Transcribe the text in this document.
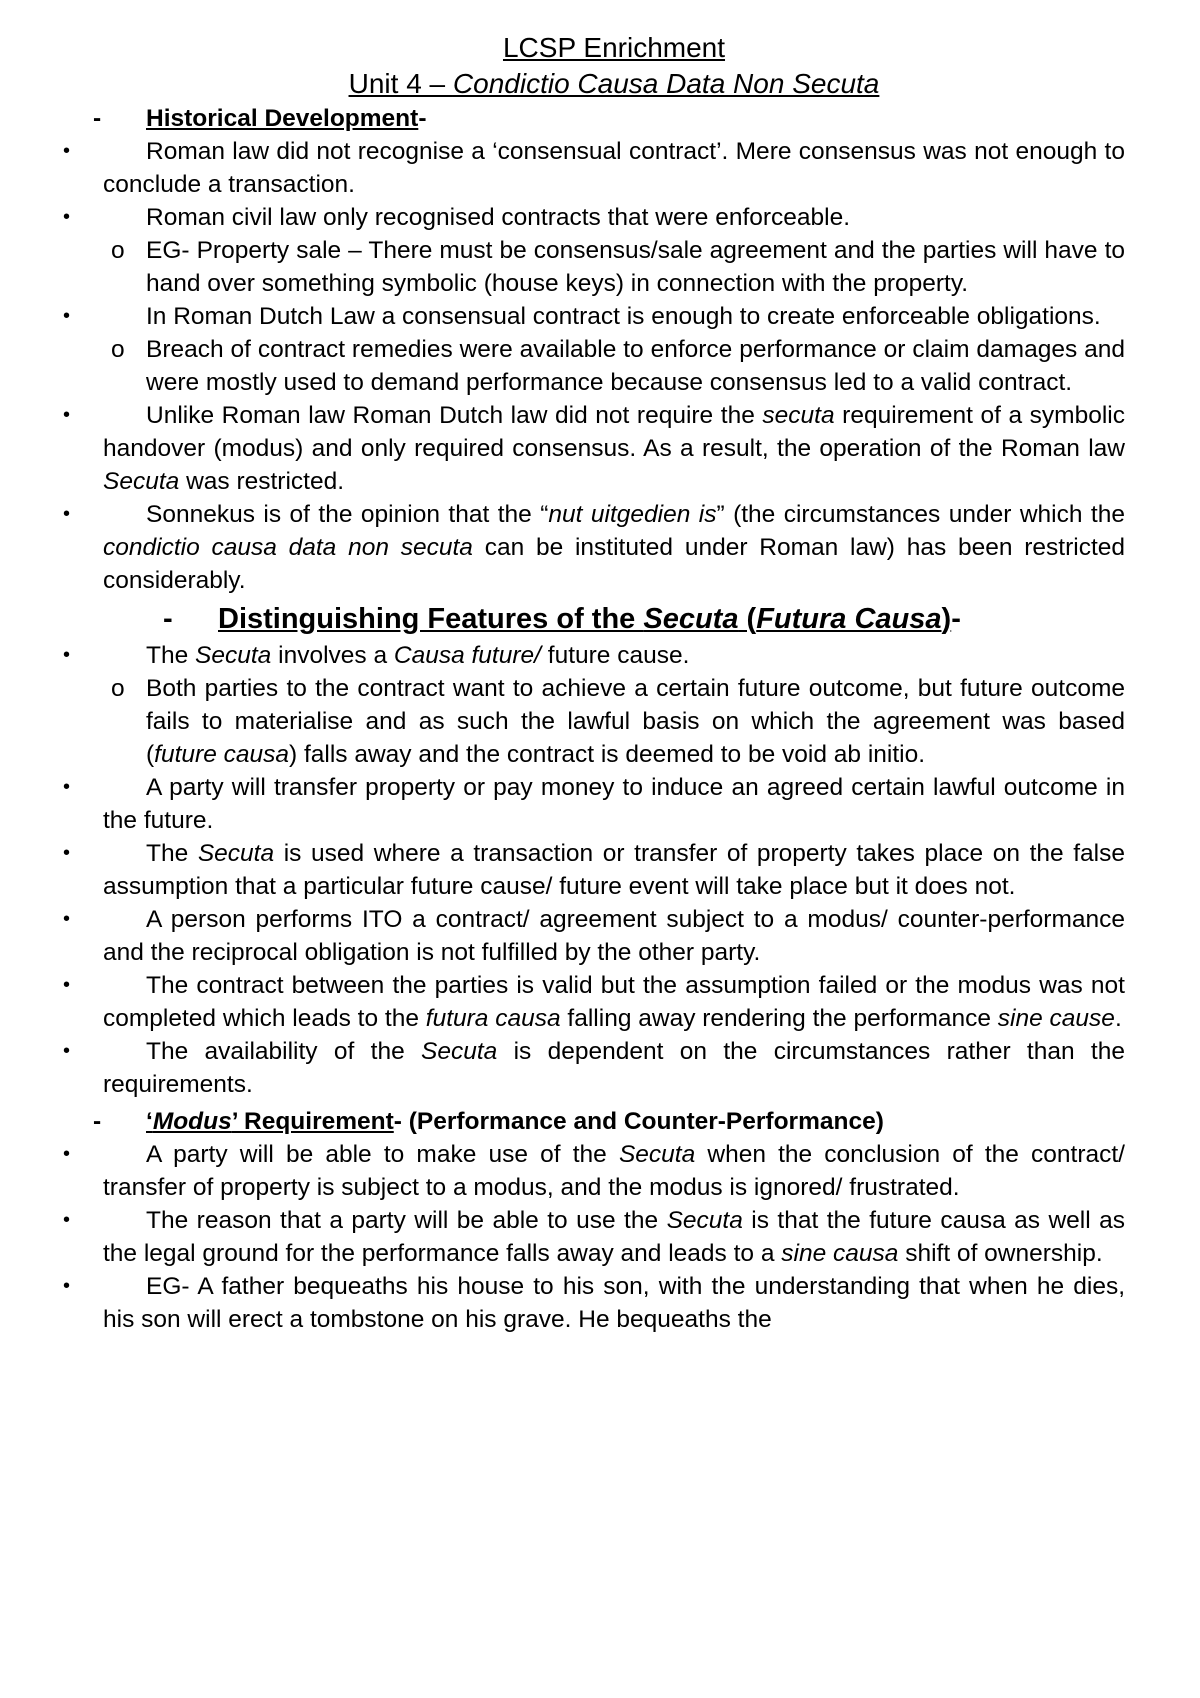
LCSP Enrichment
Unit 4 – Condictio Causa Data Non Secuta
- Historical Development-
•	Roman law did not recognise a ‘consensual contract’. Mere consensus was not enough to conclude a transaction.
•	Roman civil law only recognised contracts that were enforceable.
o EG- Property sale – There must be consensus/sale agreement and the parties will have to hand over something symbolic (house keys) in connection with the property.
•	In Roman Dutch Law a consensual contract is enough to create enforceable obligations.
o Breach of contract remedies were available to enforce performance or claim damages and were mostly used to demand performance because consensus led to a valid contract.
•	Unlike Roman law Roman Dutch law did not require the secuta requirement of a symbolic handover (modus) and only required consensus. As a result, the operation of the Roman law Secuta was restricted.
•	Sonnekus is of the opinion that the “nut uitgedien is” (the circumstances under which the condictio causa data non secuta can be instituted under Roman law) has been restricted considerably.
- Distinguishing Features of the Secuta (Futura Causa)-
•	The Secuta involves a Causa future/ future cause.
o Both parties to the contract want to achieve a certain future outcome, but future outcome fails to materialise and as such the lawful basis on which the agreement was based (future causa) falls away and the contract is deemed to be void ab initio.
•	A party will transfer property or pay money to induce an agreed certain lawful outcome in the future.
•	The Secuta is used where a transaction or transfer of property takes place on the false assumption that a particular future cause/ future event will take place but it does not.
•	A person performs ITO a contract/ agreement subject to a modus/ counter-performance and the reciprocal obligation is not fulfilled by the other party.
•	The contract between the parties is valid but the assumption failed or the modus was not completed which leads to the futura causa falling away rendering the performance sine cause.
•	The availability of the Secuta is dependent on the circumstances rather than the requirements.
- ‘Modus’ Requirement- (Performance and Counter-Performance)
•	A party will be able to make use of the Secuta when the conclusion of the contract/ transfer of property is subject to a modus, and the modus is ignored/ frustrated.
•	The reason that a party will be able to use the Secuta is that the future causa as well as the legal ground for the performance falls away and leads to a sine causa shift of ownership.
•	EG- A father bequeaths his house to his son, with the understanding that when he dies, his son will erect a tombstone on his grave. He bequeaths the
